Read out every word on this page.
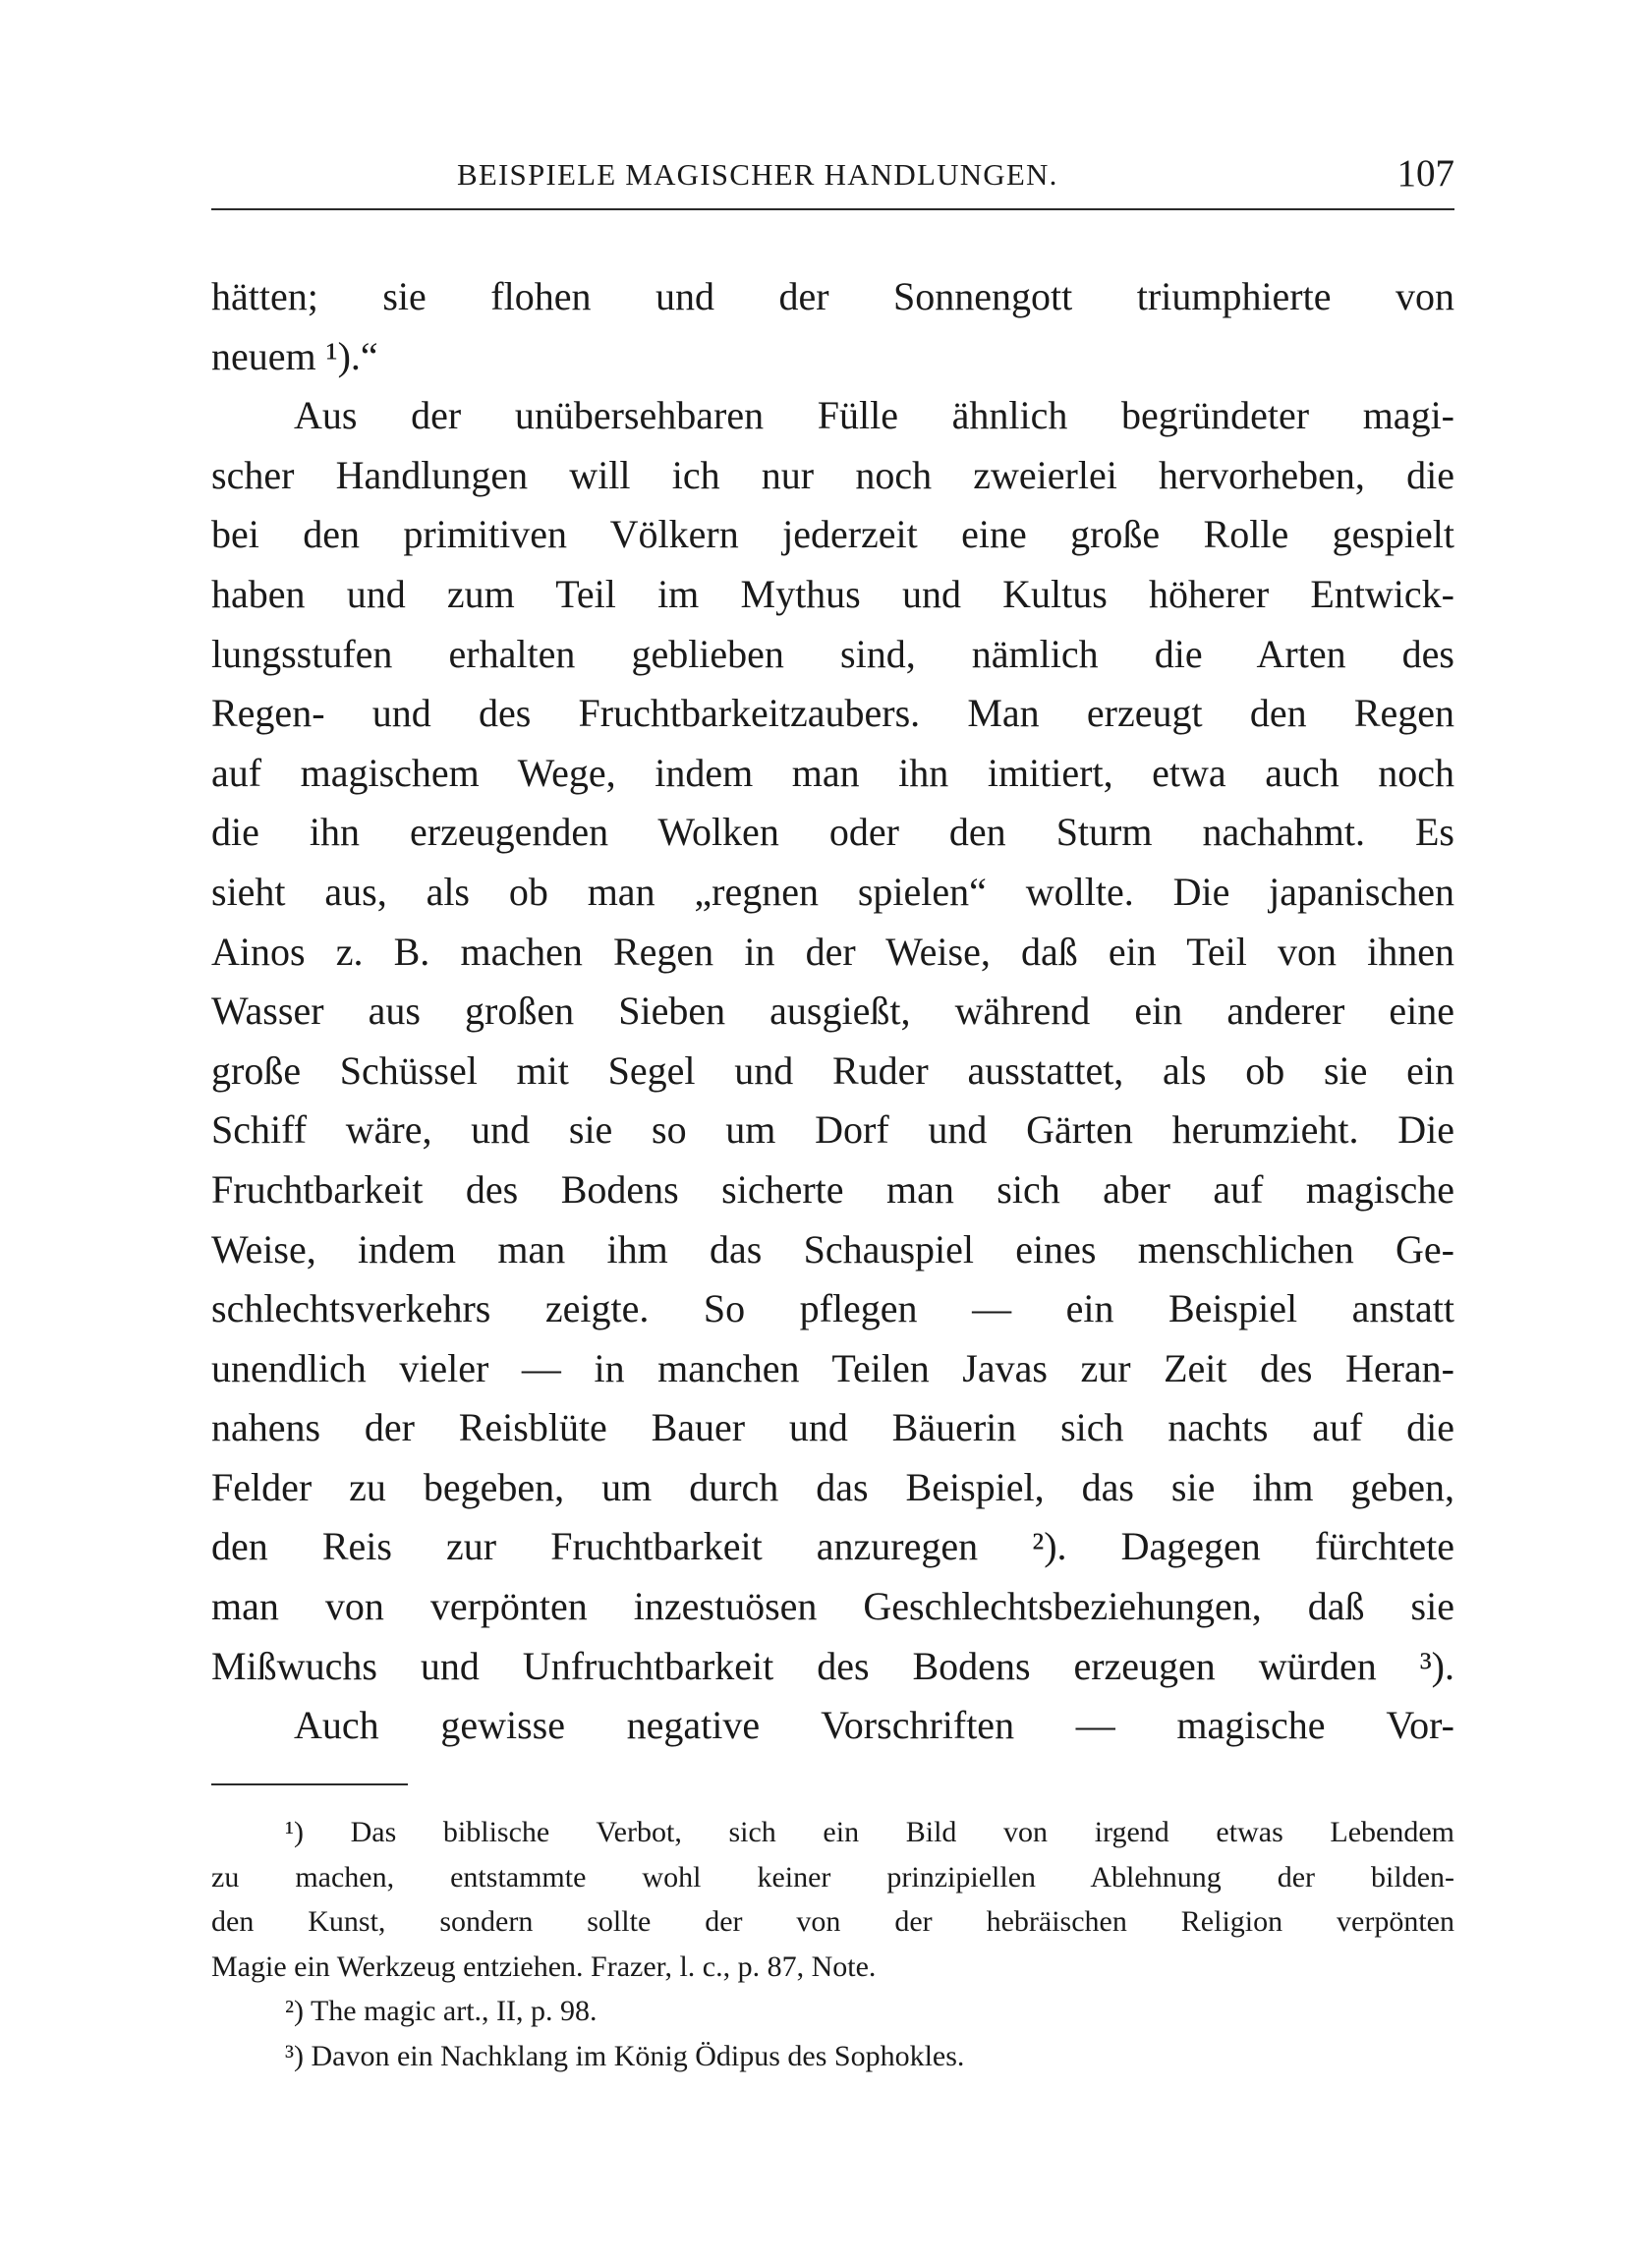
BEISPIELE MAGISCHER HANDLUNGEN.	107
hätten; sie flohen und der Sonnengott triumphierte von
neuem ¹).“
Aus der unübersehbaren Fülle ähnlich begründeter magi-
scher Handlungen will ich nur noch zweierlei hervorheben, die
bei den primitiven Völkern jederzeit eine große Rolle gespielt
haben und zum Teil im Mythus und Kultus höherer Entwick-
lungsstufen erhalten geblieben sind, nämlich die Arten des
Regen- und des Fruchtbarkeitzaubers. Man erzeugt den Regen
auf magischem Wege, indem man ihn imitiert, etwa auch noch
die ihn erzeugenden Wolken oder den Sturm nachahmt. Es
sieht aus, als ob man „regnen spielen“ wollte. Die japanischen
Ainos z. B. machen Regen in der Weise, daß ein Teil von ihnen
Wasser aus großen Sieben ausgießt, während ein anderer eine
große Schüssel mit Segel und Ruder ausstattet, als ob sie ein
Schiff wäre, und sie so um Dorf und Gärten herumzieht. Die
Fruchtbarkeit des Bodens sicherte man sich aber auf magische
Weise, indem man ihm das Schauspiel eines menschlichen Ge-
schlechtsverkehrs zeigte. So pflegen — ein Beispiel anstatt
unendlich vieler — in manchen Teilen Javas zur Zeit des Heran-
nahens der Reisblüte Bauer und Bäuerin sich nachts auf die
Felder zu begeben, um durch das Beispiel, das sie ihm geben,
den Reis zur Fruchtbarkeit anzuregen ²). Dagegen fürchtete
man von verpönten inzestuösen Geschlechtsbeziehungen, daß sie
Mißwuchs und Unfruchtbarkeit des Bodens erzeugen würden ³).
Auch gewisse negative Vorschriften — magische Vor-
¹) Das biblische Verbot, sich ein Bild von irgend etwas Lebendem
zu machen, entstammte wohl keiner prinzipiellen Ablehnung der bilden-
den Kunst, sondern sollte der von der hebräischen Religion verpönten
Magie ein Werkzeug entziehen. Frazer, l. c., p. 87, Note.
²) The magic art., II, p. 98.
³) Davon ein Nachklang im König Ödipus des Sophokles.
